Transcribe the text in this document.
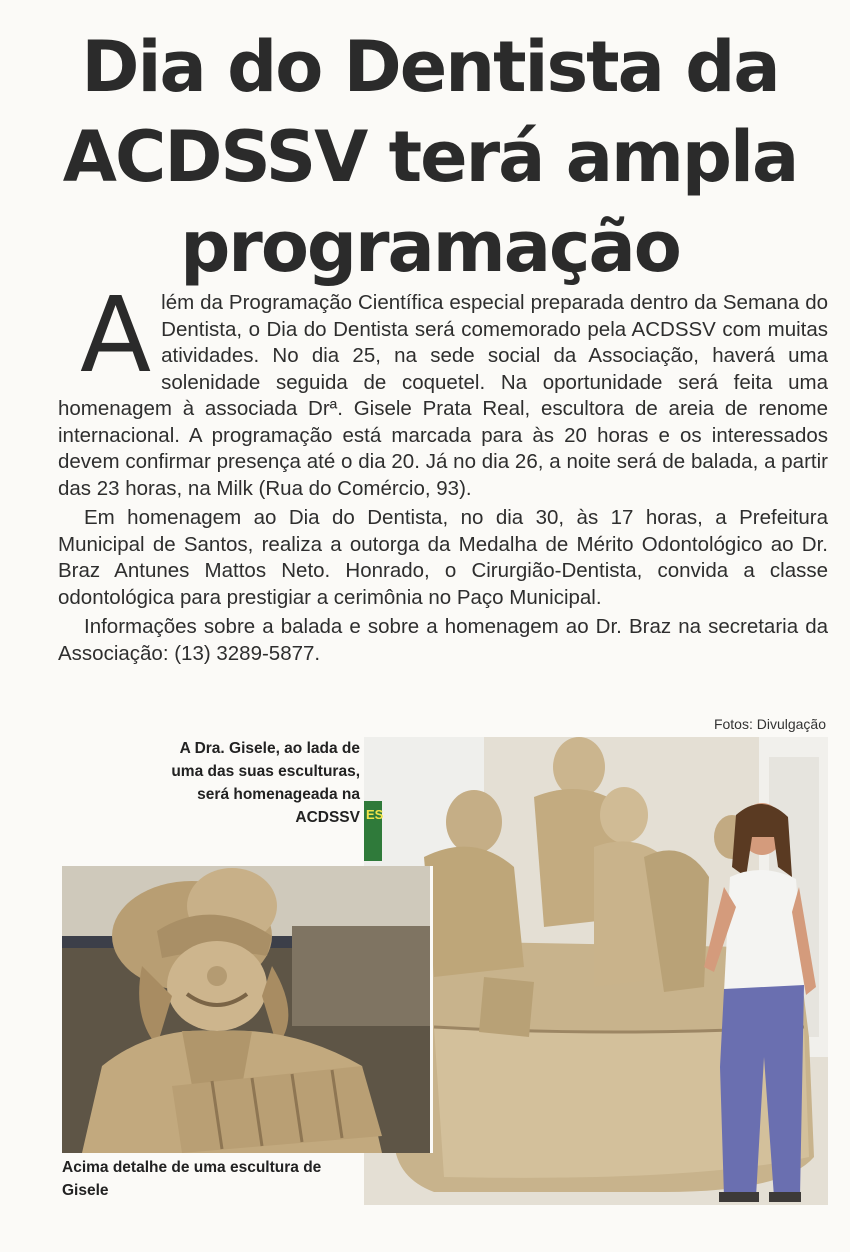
Dia do Dentista da
ACDSSV terá ampla
programação

Além da Programação Científica especial preparada dentro da Semana do Dentista, o Dia do Dentista será comemorado pela ACDSSV com muitas atividades. No dia 25, na sede social da Associação, haverá uma solenidade seguida de coquetel. Na oportunidade será feita uma homenagem à associada Drª. Gisele Prata Real, escultora de areia de renome internacional. A programação está marcada para às 20 horas e os interessados devem confirmar presença até o dia 20. Já no dia 26, a noite será de balada, a partir das 23 horas, na Milk (Rua do Comércio, 93).

Em homenagem ao Dia do Dentista, no dia 30, às 17 horas, a Prefeitura Municipal de Santos, realiza a outorga da Medalha de Mérito Odontológico ao Dr. Braz Antunes Mattos Neto. Honrado, o Cirurgião-Dentista, convida a classe odontológica para prestigiar a cerimônia no Paço Municipal.

Informações sobre a balada e sobre a homenagem ao Dr. Braz na secretaria da Associação: (13) 3289-5877.

Fotos: Divulgação
A Dra. Gisele, ao lada de uma das suas esculturas, será homenageada na ACDSSV ES
Acima detalhe de uma escultura de Gisele
